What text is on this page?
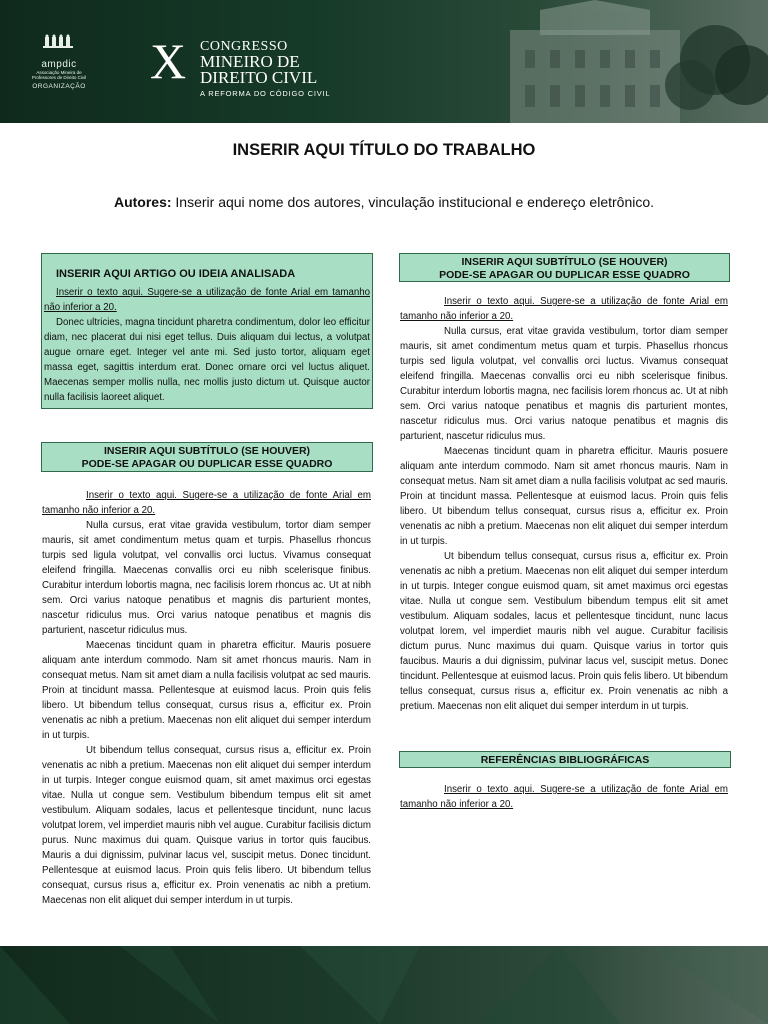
ampdic
Associação Mineira de
Professores de Direito Civil
ORGANIZAÇÃO X CONGRESSO
MINEIRO DE
DIREITO CIVIL
A REFORMA DO CÓDIGO CIVIL
INSERIR AQUI TÍTULO DO TRABALHO
Autores: Inserir aqui nome dos autores, vinculação institucional e endereço eletrônico.
INSERIR AQUI ARTIGO OU IDEIA ANALISADA

Inserir o texto aqui. Sugere-se a utilização de fonte Arial em tamanho não inferior a 20.

Donec ultricies, magna tincidunt pharetra condimentum, dolor leo efficitur diam, nec placerat dui nisi eget tellus. Duis aliquam dui lectus, a volutpat augue ornare eget. Integer vel ante mi. Sed justo tortor, aliquam eget massa eget, sagittis interdum erat. Donec ornare orci vel luctus aliquet. Maecenas semper mollis nulla, nec mollis justo dictum ut. Quisque auctor nulla facilisis laoreet aliquet.

INSERIR AQUI SUBTÍTULO (SE HOUVER)
PODE-SE APAGAR OU DUPLICAR ESSE QUADRO

Inserir o texto aqui. Sugere-se a utilização de fonte Arial em tamanho não inferior a 20.

Nulla cursus, erat vitae gravida vestibulum, tortor diam semper mauris, sit amet condimentum metus quam et turpis. Phasellus rhoncus turpis sed ligula volutpat, vel convallis orci luctus. Vivamus consequat eleifend fringilla. Maecenas convallis orci eu nibh scelerisque finibus. Curabitur interdum lobortis magna, nec facilisis lorem rhoncus ac. Ut at nibh sem. Orci varius natoque penatibus et magnis dis parturient montes, nascetur ridiculus mus. Orci varius natoque penatibus et magnis dis parturient, nascetur ridiculus mus.

Maecenas tincidunt quam in pharetra efficitur. Mauris posuere aliquam ante interdum commodo. Nam sit amet rhoncus mauris. Nam in consequat metus. Nam sit amet diam a nulla facilisis volutpat ac sed mauris. Proin at tincidunt massa. Pellentesque at euismod lacus. Proin quis felis libero. Ut bibendum tellus consequat, cursus risus a, efficitur ex. Proin venenatis ac nibh a pretium. Maecenas non elit aliquet dui semper interdum in ut turpis.

Ut bibendum tellus consequat, cursus risus a, efficitur ex. Proin venenatis ac nibh a pretium. Maecenas non elit aliquet dui semper interdum in ut turpis. Integer congue euismod quam, sit amet maximus orci egestas vitae. Nulla ut congue sem. Vestibulum bibendum tempus elit sit amet vestibulum. Aliquam sodales, lacus et pellentesque tincidunt, nunc lacus volutpat lorem, vel imperdiet mauris nibh vel augue. Curabitur facilisis dictum purus. Nunc maximus dui quam. Quisque varius in tortor quis faucibus. Mauris a dui dignissim, pulvinar lacus vel, suscipit metus. Donec tincidunt. Pellentesque at euismod lacus. Proin quis felis libero. Ut bibendum tellus consequat, cursus risus a, efficitur ex. Proin venenatis ac nibh a pretium. Maecenas non elit aliquet dui semper interdum in ut turpis.

INSERIR AQUI SUBTÍTULO (SE HOUVER)
PODE-SE APAGAR OU DUPLICAR ESSE QUADRO

Inserir o texto aqui. Sugere-se a utilização de fonte Arial em tamanho não inferior a 20.

Nulla cursus, erat vitae gravida vestibulum, tortor diam semper mauris, sit amet condimentum metus quam et turpis. Phasellus rhoncus turpis sed ligula volutpat, vel convallis orci luctus. Vivamus consequat eleifend fringilla. Maecenas convallis orci eu nibh scelerisque finibus. Curabitur interdum lobortis magna, nec facilisis lorem rhoncus ac. Ut at nibh sem. Orci varius natoque penatibus et magnis dis parturient montes, nascetur ridiculus mus. Orci varius natoque penatibus et magnis dis parturient, nascetur ridiculus mus.

Maecenas tincidunt quam in pharetra efficitur. Mauris posuere aliquam ante interdum commodo. Nam sit amet rhoncus mauris. Nam in consequat metus. Nam sit amet diam a nulla facilisis volutpat ac sed mauris. Proin at tincidunt massa. Pellentesque at euismod lacus. Proin quis felis libero. Ut bibendum tellus consequat, cursus risus a, efficitur ex. Proin venenatis ac nibh a pretium. Maecenas non elit aliquet dui semper interdum in ut turpis.

Ut bibendum tellus consequat, cursus risus a, efficitur ex. Proin venenatis ac nibh a pretium. Maecenas non elit aliquet dui semper interdum in ut turpis. Integer congue euismod quam, sit amet maximus orci egestas vitae. Nulla ut congue sem. Vestibulum bibendum tempus elit sit amet vestibulum. Aliquam sodales, lacus et pellentesque tincidunt, nunc lacus volutpat lorem, vel imperdiet mauris nibh vel augue. Curabitur facilisis dictum purus. Nunc maximus dui quam. Quisque varius in tortor quis faucibus. Mauris a dui dignissim, pulvinar lacus vel, suscipit metus. Donec tincidunt. Pellentesque at euismod lacus. Proin quis felis libero. Ut bibendum tellus consequat, cursus risus a, efficitur ex. Proin venenatis ac nibh a pretium. Maecenas non elit aliquet dui semper interdum in ut turpis.

REFERÊNCIAS BIBLIOGRÁFICAS

Inserir o texto aqui. Sugere-se a utilização de fonte Arial em tamanho não inferior a 20.
